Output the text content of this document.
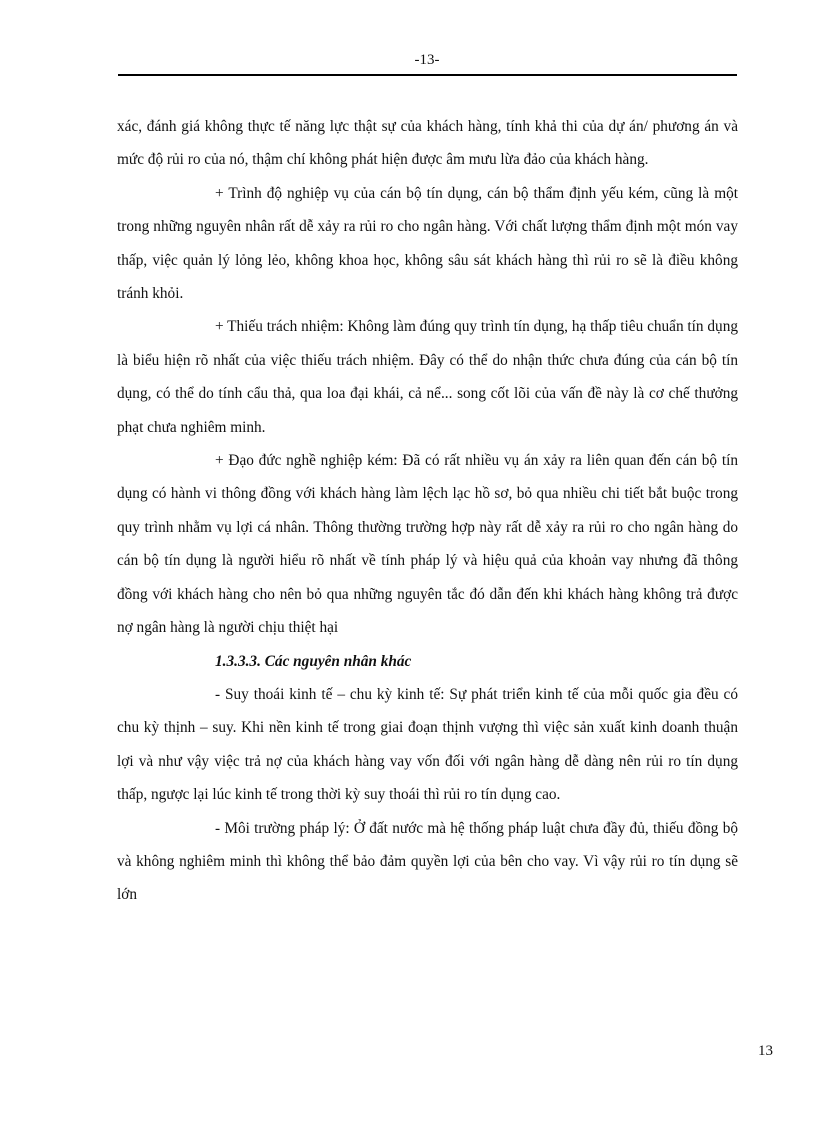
-13-

xác, đánh giá không thực tế năng lực thật sự của khách hàng, tính khả thi của dự án/ phương án và mức độ rủi ro của nó, thậm chí không phát hiện được âm mưu lừa đảo của khách hàng.

+ Trình độ nghiệp vụ của cán bộ tín dụng, cán bộ thẩm định yếu kém, cũng là một trong những nguyên nhân rất dễ xảy ra rủi ro cho ngân hàng. Với chất lượng thẩm định một món vay thấp, việc quản lý lỏng lẻo, không khoa học, không sâu sát khách hàng thì rủi ro sẽ là điều không tránh khỏi.

+ Thiếu trách nhiệm: Không làm đúng quy trình tín dụng, hạ thấp tiêu chuẩn tín dụng là biểu hiện rõ nhất của việc thiếu trách nhiệm. Đây có thể do nhận thức chưa đúng của cán bộ tín dụng, có thể do tính cẩu thả, qua loa đại khái, cả nể... song cốt lõi của vấn đề này là cơ chế thưởng phạt chưa nghiêm minh.

+ Đạo đức nghề nghiệp kém: Đã có rất nhiều vụ án xảy ra liên quan đến cán bộ tín dụng có hành vi thông đồng với khách hàng làm lệch lạc hồ sơ, bỏ qua nhiều chi tiết bắt buộc trong quy trình nhằm vụ lợi cá nhân. Thông thường trường hợp này rất dễ xảy ra rủi ro cho ngân hàng do cán bộ tín dụng là người hiểu rõ nhất về tính pháp lý và hiệu quả của khoản vay nhưng đã thông đồng với khách hàng cho nên bỏ qua những nguyên tắc đó dẫn đến khi khách hàng không trả được nợ ngân hàng là người chịu thiệt hại

1.3.3.3. Các nguyên nhân khác

- Suy thoái kinh tế – chu kỳ kinh tế: Sự phát triển kinh tế của mỗi quốc gia đều có chu kỳ thịnh – suy. Khi nền kinh tế trong giai đoạn thịnh vượng thì việc sản xuất kinh doanh thuận lợi và như vậy việc trả nợ của khách hàng vay vốn đối với ngân hàng dễ dàng nên rủi ro tín dụng thấp, ngược lại lúc kinh tế trong thời kỳ suy thoái thì rủi ro tín dụng cao.

- Môi trường pháp lý: Ở đất nước mà hệ thống pháp luật chưa đầy đủ, thiếu đồng bộ và không nghiêm minh thì không thể bảo đảm quyền lợi của bên cho vay. Vì vậy rủi ro tín dụng sẽ lớn

13
